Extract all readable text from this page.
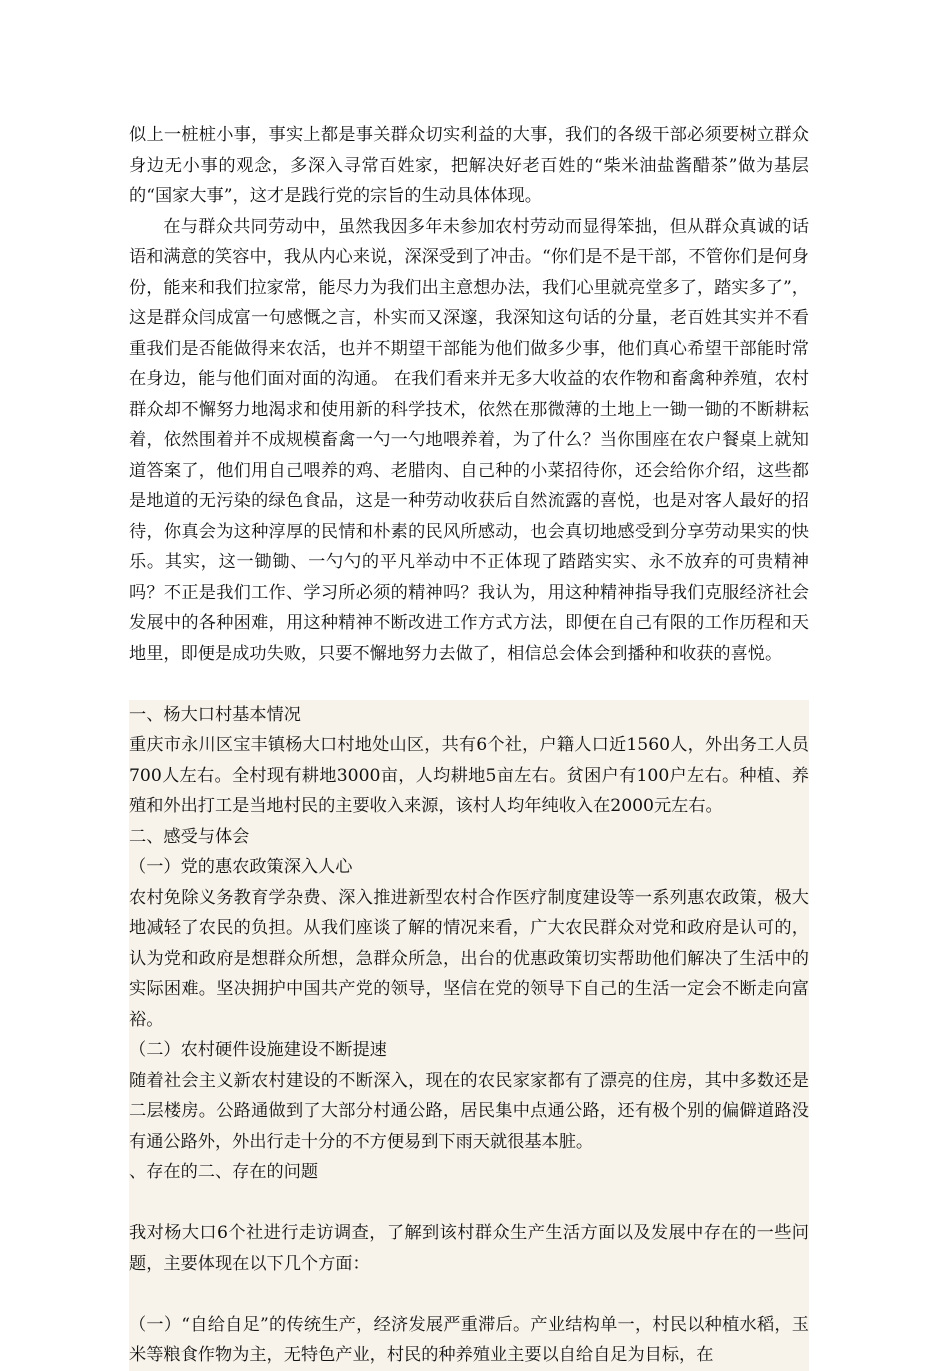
似上一桩桩小事，事实上都是事关群众切实利益的大事，我们的各级干部必须要树立群众身边无小事的观念，多深入寻常百姓家，把解决好老百姓的“柴米油盐酱醋茶”做为基层的“国家大事”，这才是践行党的宗旨的生动具体体现。

在与群众共同劳动中，虽然我因多年未参加农村劳动而显得笨拙，但从群众真诚的话语和满意的笑容中，我从内心来说，深深受到了冲击。“你们是不是干部，不管你们是何身份，能来和我们拉家常，能尽力为我们出主意想办法，我们心里就亮堂多了，踏实多了”，这是群众闫成富一句感慨之言，朴实而又深邃，我深知这句话的分量，老百姓其实并不看重我们是否能做得来农活，也并不期望干部能为他们做多少事，他们真心希望干部能时常在身边，能与他们面对面的沟通。 在我们看来并无多大收益的农作物和畜禽种养殖，农村群众却不懈努力地渴求和使用新的科学技术，依然在那微薄的土地上一锄一锄的不断耕耘着，依然围着并不成规模畜禽一勺一勺地喂养着，为了什么？当你围座在农户餐桌上就知道答案了，他们用自己喂养的鸡、老腊肉、自己种的小菜招待你，还会给你介绍，这些都是地道的无污染的绿色食品，这是一种劳动收获后自然流露的喜悦，也是对客人最好的招待，你真会为这种淳厚的民情和朴素的民风所感动，也会真切地感受到分享劳动果实的快乐。其实，这一锄锄、一勺勺的平凡举动中不正体现了踏踏实实、永不放弃的可贵精神吗？不正是我们工作、学习所必须的精神吗？我认为，用这种精神指导我们克服经济社会发展中的各种困难，用这种精神不断改进工作方式方法，即便在自己有限的工作历程和天地里，即便是成功失败，只要不懈地努力去做了，相信总会体会到播种和收获的喜悦。

一、杨大口村基本情况

重庆市永川区宝丰镇杨大口村地处山区，共有6个社，户籍人口近1560人，外出务工人员700人左右。全村现有耕地3000亩，人均耕地5亩左右。贫困户有100户左右。种植、养殖和外出打工是当地村民的主要收入来源，该村人均年纯收入在2000元左右。

二、感受与体会

（一）党的惠农政策深入人心

农村免除义务教育学杂费、深入推进新型农村合作医疗制度建设等一系列惠农政策，极大地减轻了农民的负担。从我们座谈了解的情况来看，广大农民群众对党和政府是认可的，认为党和政府是想群众所想，急群众所急，出台的优惠政策切实帮助他们解决了生活中的实际困难。坚决拥护中国共产党的领导，坚信在党的领导下自己的生活一定会不断走向富裕。

（二）农村硬件设施建设不断提速

随着社会主义新农村建设的不断深入，现在的农民家家都有了漂亮的住房，其中多数还是二层楼房。公路通做到了大部分村通公路，居民集中点通公路，还有极个别的偏僻道路没有通公路外，外出行走十分的不方便易到下雨天就很基本脏。

、存在的二、存在的问题

我对杨大口6个社进行走访调查，了解到该村群众生产生活方面以及发展中存在的一些问题，主要体现在以下几个方面：

（一）“自给自足”的传统生产，经济发展严重滞后。产业结构单一，村民以种植水稻，玉米等粮食作物为主，无特色产业，村民的种养殖业主要以自给自足为目标，在
